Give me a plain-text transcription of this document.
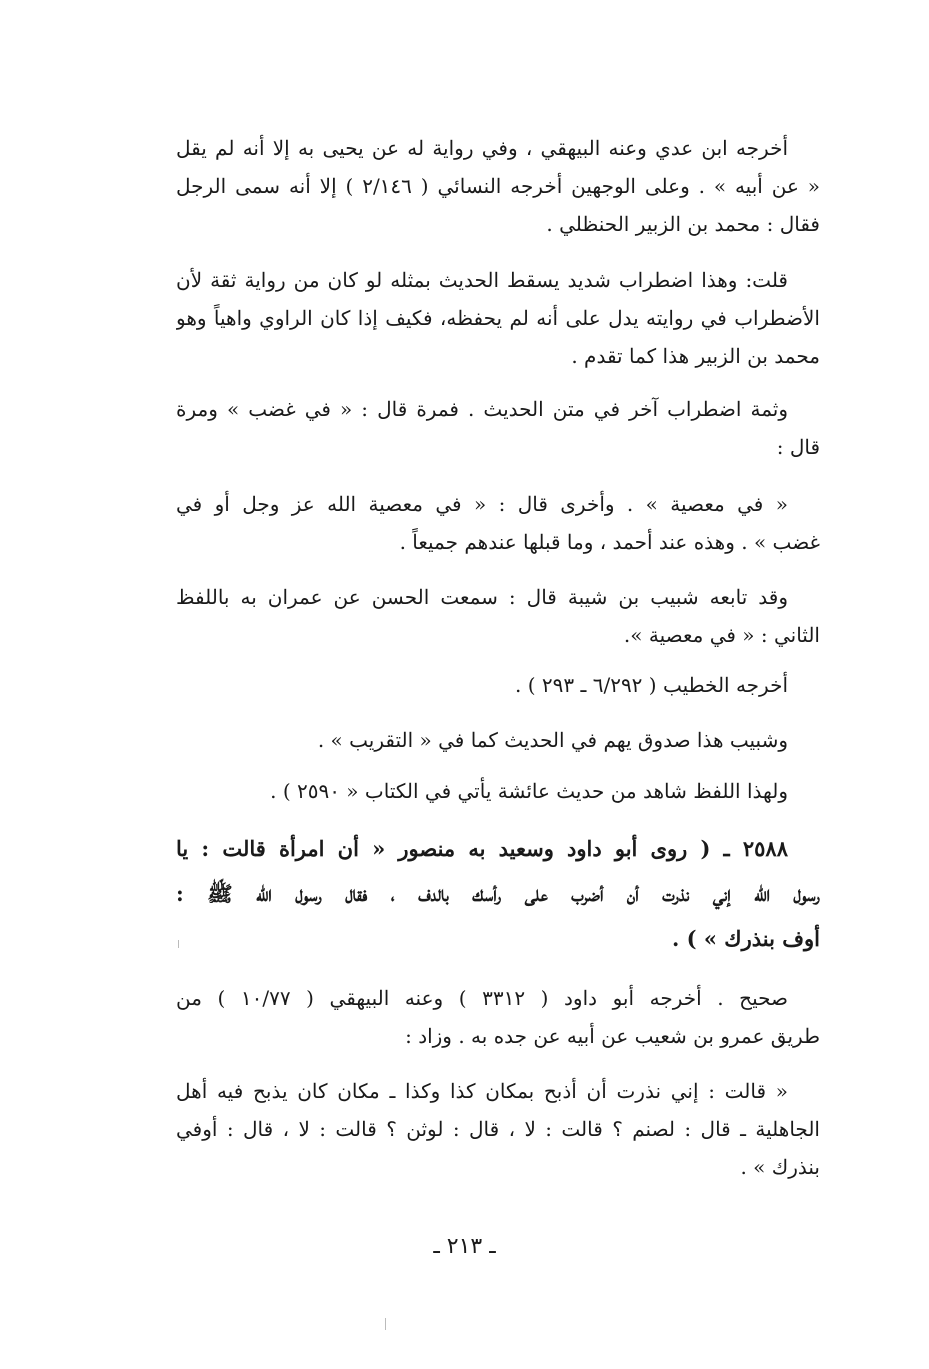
أخرجه ابن عدي وعنه البيهقي ، وفي رواية له عن يحيى به إلا أنه لم يقل
« عن أبيه » . وعلى الوجهين أخرجه النسائي ( ٢/١٤٦ ) إلا أنه سمى الرجل
فقال : محمد بن الزبير الحنظلي .
قلت: وهذا اضطراب شديد يسقط الحديث بمثله لو كان من رواية ثقة لأن
الأضطراب في روايته يدل على أنه لم يحفظه، فكيف إذا كان الراوي واهياً وهو
محمد بن الزبير هذا كما تقدم .
وثمة اضطراب آخر في متن الحديث . فمرة قال : « في غضب » ومرة
قال :
« في معصية » . وأخرى قال : « في معصية الله عز وجل أو في
غضب » . وهذه عند أحمد ، وما قبلها عندهم جميعاً .
وقد تابعه شبيب بن شيبة قال : سمعت الحسن عن عمران به باللفظ
الثاني : « في معصية ».
أخرجه الخطيب ( ٦/٢٩٢ ـ ٢٩٣ ) .
وشبيب هذا صدوق يهم في الحديث كما في « التقريب » .
ولهذا اللفظ شاهد من حديث عائشة يأتي في الكتاب « ٢٥٩٠ ) .
٢٥٨٨ ـ ( روى أبو داود وسعيد به منصور « أن امرأة قالت : يا
رسول الله إني نذرت أن أضرب على رأسك بالدف ، فقال رسول الله ﷺ :
أوف بنذرك » ) .
صحيح . أخرجه أبو داود ( ٣٣١٢ ) وعنه البيهقي ( ١٠/٧٧ ) من
طريق عمرو بن شعيب عن أبيه عن جده به . وزاد :
« قالت : إني نذرت أن أذبح بمكان كذا وكذا ـ مكان كان يذبح فيه أهل
الجاهلية ـ قال : لصنم ؟ قالت : لا ، قال : لوثن ؟ قالت : لا ، قال : أوفي
بنذرك » .
ـ ٢١٣ ـ
